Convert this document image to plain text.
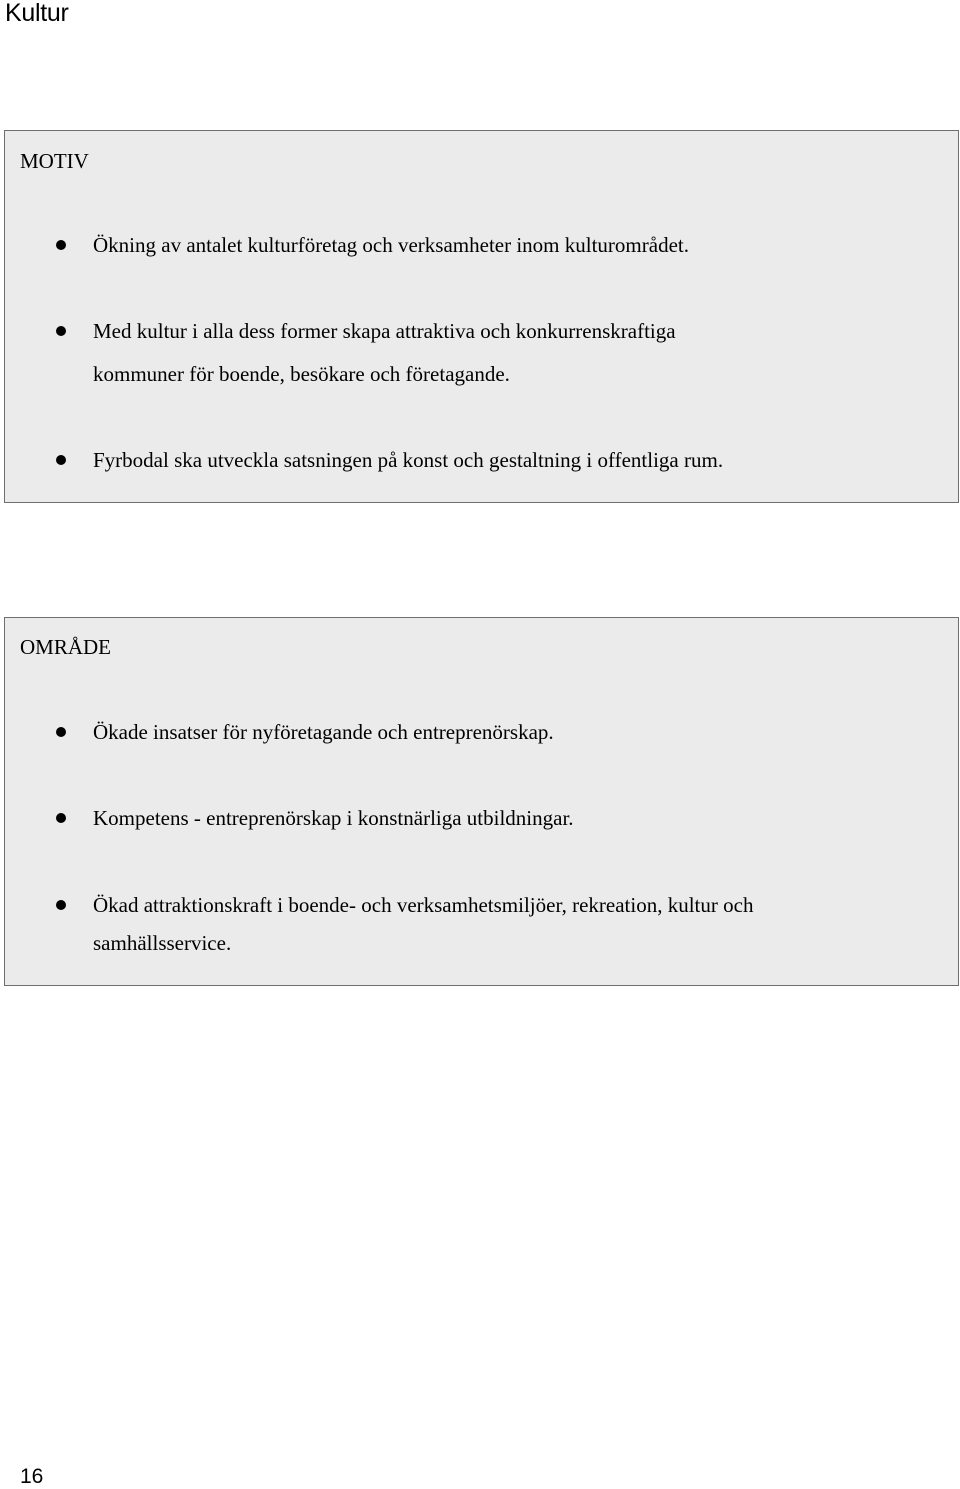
Kultur
MOTIV
Ökning av antalet kulturföretag och verksamheter inom kulturområdet.
Med kultur i alla dess former skapa attraktiva och konkurrenskraftiga
kommuner för boende, besökare och företagande.
Fyrbodal ska utveckla satsningen på konst och gestaltning i offentliga rum.
OMRÅDE
Ökade insatser för nyföretagande och entreprenörskap.
Kompetens - entreprenörskap i konstnärliga utbildningar.
Ökad attraktionskraft i boende- och verksamhetsmiljöer, rekreation, kultur och
samhällsservice.

16
